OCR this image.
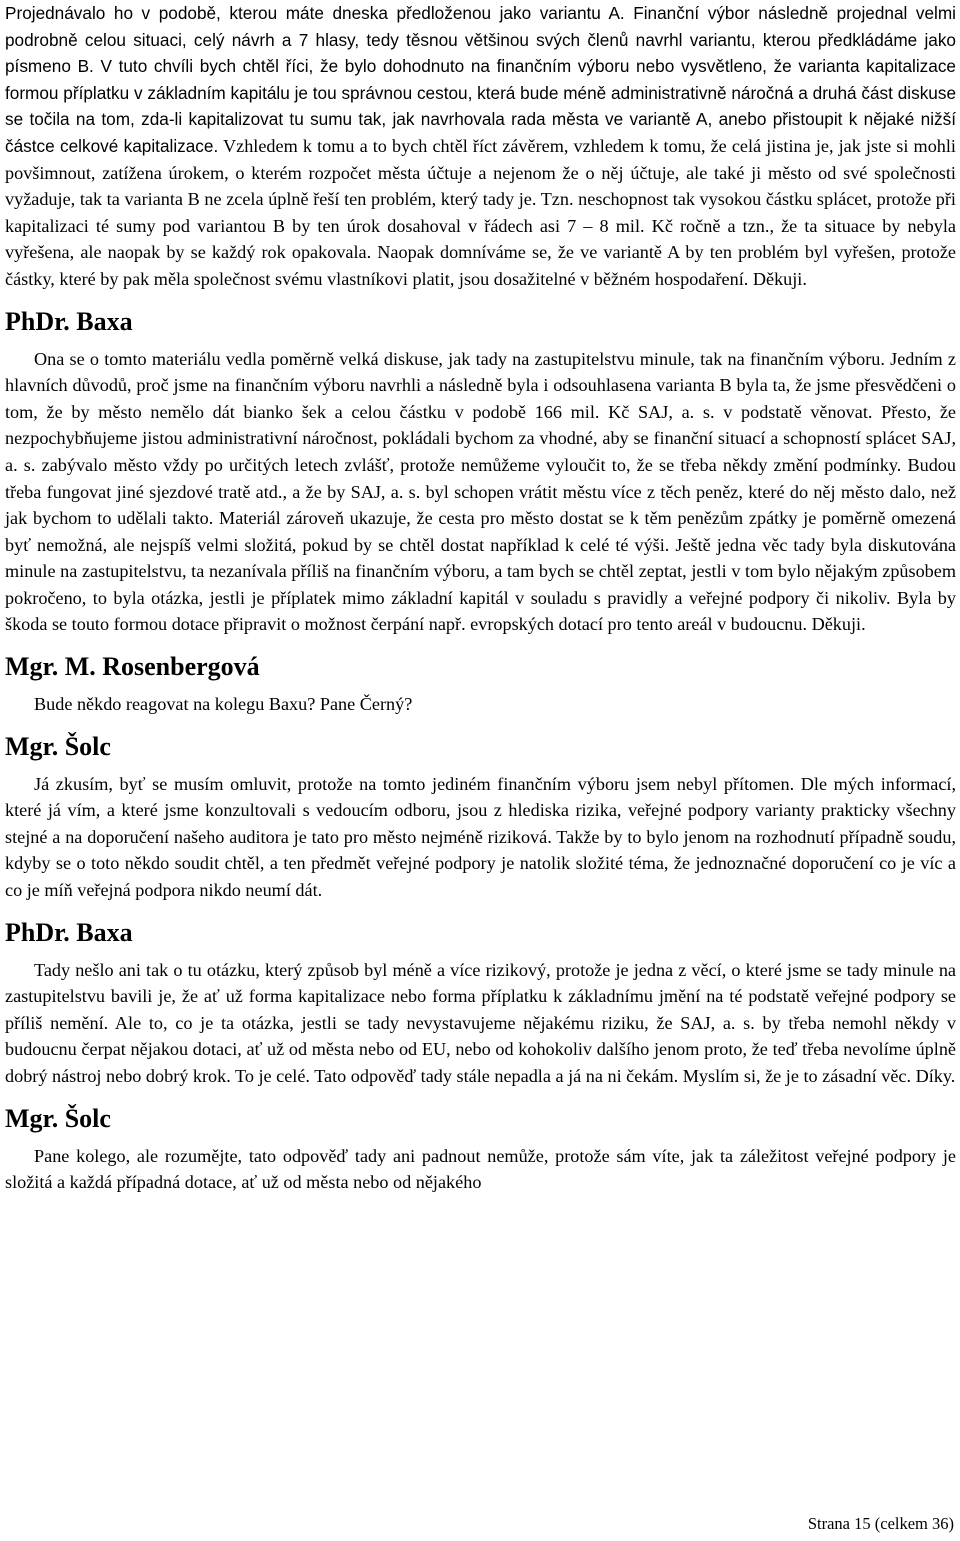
Projednávalo ho v podobě, kterou máte dneska předloženou jako variantu A. Finanční výbor následně projednal velmi podrobně celou situaci, celý návrh a 7 hlasy, tedy těsnou většinou svých členů navrhl variantu, kterou předkládáme jako písmeno B. V tuto chvíli bych chtěl říci, že bylo dohodnuto na finančním výboru nebo vysvětleno, že varianta kapitalizace formou příplatku v základním kapitálu je tou správnou cestou, která bude méně administrativně náročná a druhá část diskuse se točila na tom, zda-li kapitalizovat tu sumu tak, jak navrhovala rada města ve variantě A, anebo přistoupit k nějaké nižší částce celkové kapitalizace. Vzhledem k tomu a to bych chtěl říct závěrem, vzhledem k tomu, že celá jistina je, jak jste si mohli povšimnout, zatížena úrokem, o kterém rozpočet města účtuje a nejenom že o něj účtuje, ale také ji město od své společnosti vyžaduje, tak ta varianta B ne zcela úplně řeší ten problém, který tady je. Tzn. neschopnost tak vysokou částku splácet, protože při kapitalizaci té sumy pod variantou B by ten úrok dosahoval v řádech asi 7 – 8 mil. Kč ročně a tzn., že ta situace by nebyla vyřešena, ale naopak by se každý rok opakovala. Naopak domníváme se, že ve variantě A by ten problém byl vyřešen, protože částky, které by pak měla společnost svému vlastníkovi platit, jsou dosažitelné v běžném hospodaření. Děkuji.

PhDr. Baxa

Ona se o tomto materiálu vedla poměrně velká diskuse, jak tady na zastupitelstvu minule, tak na finančním výboru. Jedním z hlavních důvodů, proč jsme na finančním výboru navrhli a následně byla i odsouhlasena varianta B byla ta, že jsme přesvědčeni o tom, že by město nemělo dát bianko šek a celou částku v podobě 166 mil. Kč SAJ, a. s. v podstatě věnovat. Přesto, že nezpochybňujeme jistou administrativní náročnost, pokládali bychom za vhodné, aby se finanční situací a schopností splácet SAJ, a. s. zabývalo město vždy po určitých letech zvlášť, protože nemůžeme vyloučit to, že se třeba někdy změní podmínky. Budou třeba fungovat jiné sjezdové tratě atd., a že by SAJ, a. s. byl schopen vrátit městu více z těch peněz, které do něj město dalo, než jak bychom to udělali takto. Materiál zároveň ukazuje, že cesta pro město dostat se k těm penězům zpátky je poměrně omezená byť nemožná, ale nejspíš velmi složitá, pokud by se chtěl dostat například k celé té výši. Ještě jedna věc tady byla diskutována minule na zastupitelstvu, ta nezanívala příliš na finančním výboru, a tam bych se chtěl zeptat, jestli v tom bylo nějakým způsobem pokročeno, to byla otázka, jestli je příplatek mimo základní kapitál v souladu s pravidly a veřejné podpory či nikoliv. Byla by škoda se touto formou dotace připravit o možnost čerpání např. evropských dotací pro tento areál v budoucnu. Děkuji.

Mgr. M. Rosenbergová

Bude někdo reagovat na kolegu Baxu? Pane Černý?

Mgr. Šolc

Já zkusím, byť se musím omluvit, protože na tomto jediném finančním výboru jsem nebyl přítomen. Dle mých informací, které já vím, a které jsme konzultovali s vedoucím odboru, jsou z hlediska rizika, veřejné podpory varianty prakticky všechny stejné a na doporučení našeho auditora je tato pro město nejméně riziková. Takže by to bylo jenom na rozhodnutí případně soudu, kdyby se o toto někdo soudit chtěl, a ten předmět veřejné podpory je natolik složité téma, že jednoznačné doporučení co je víc a co je míň veřejná podpora nikdo neumí dát.

PhDr. Baxa

Tady nešlo ani tak o tu otázku, který způsob byl méně a více rizikový, protože je jedna z věcí, o které jsme se tady minule na zastupitelstvu bavili je, že ať už forma kapitalizace nebo forma příplatku k základnímu jmění na té podstatě veřejné podpory se příliš nemění. Ale to, co je ta otázka, jestli se tady nevystavujeme nějakému riziku, že SAJ, a. s. by třeba nemohl někdy v budoucnu čerpat nějakou dotaci, ať už od města nebo od EU, nebo od kohokoliv dalšího jenom proto, že teď třeba nevolíme úplně dobrý nástroj nebo dobrý krok. To je celé. Tato odpověď tady stále nepadla a já na ni čekám. Myslím si, že je to zásadní věc. Díky.

Mgr. Šolc

Pane kolego, ale rozumějte, tato odpověď tady ani padnout nemůže, protože sám víte, jak ta záležitost veřejné podpory je složitá a každá případná dotace, ať už od města nebo od nějakého

Strana 15 (celkem 36)
